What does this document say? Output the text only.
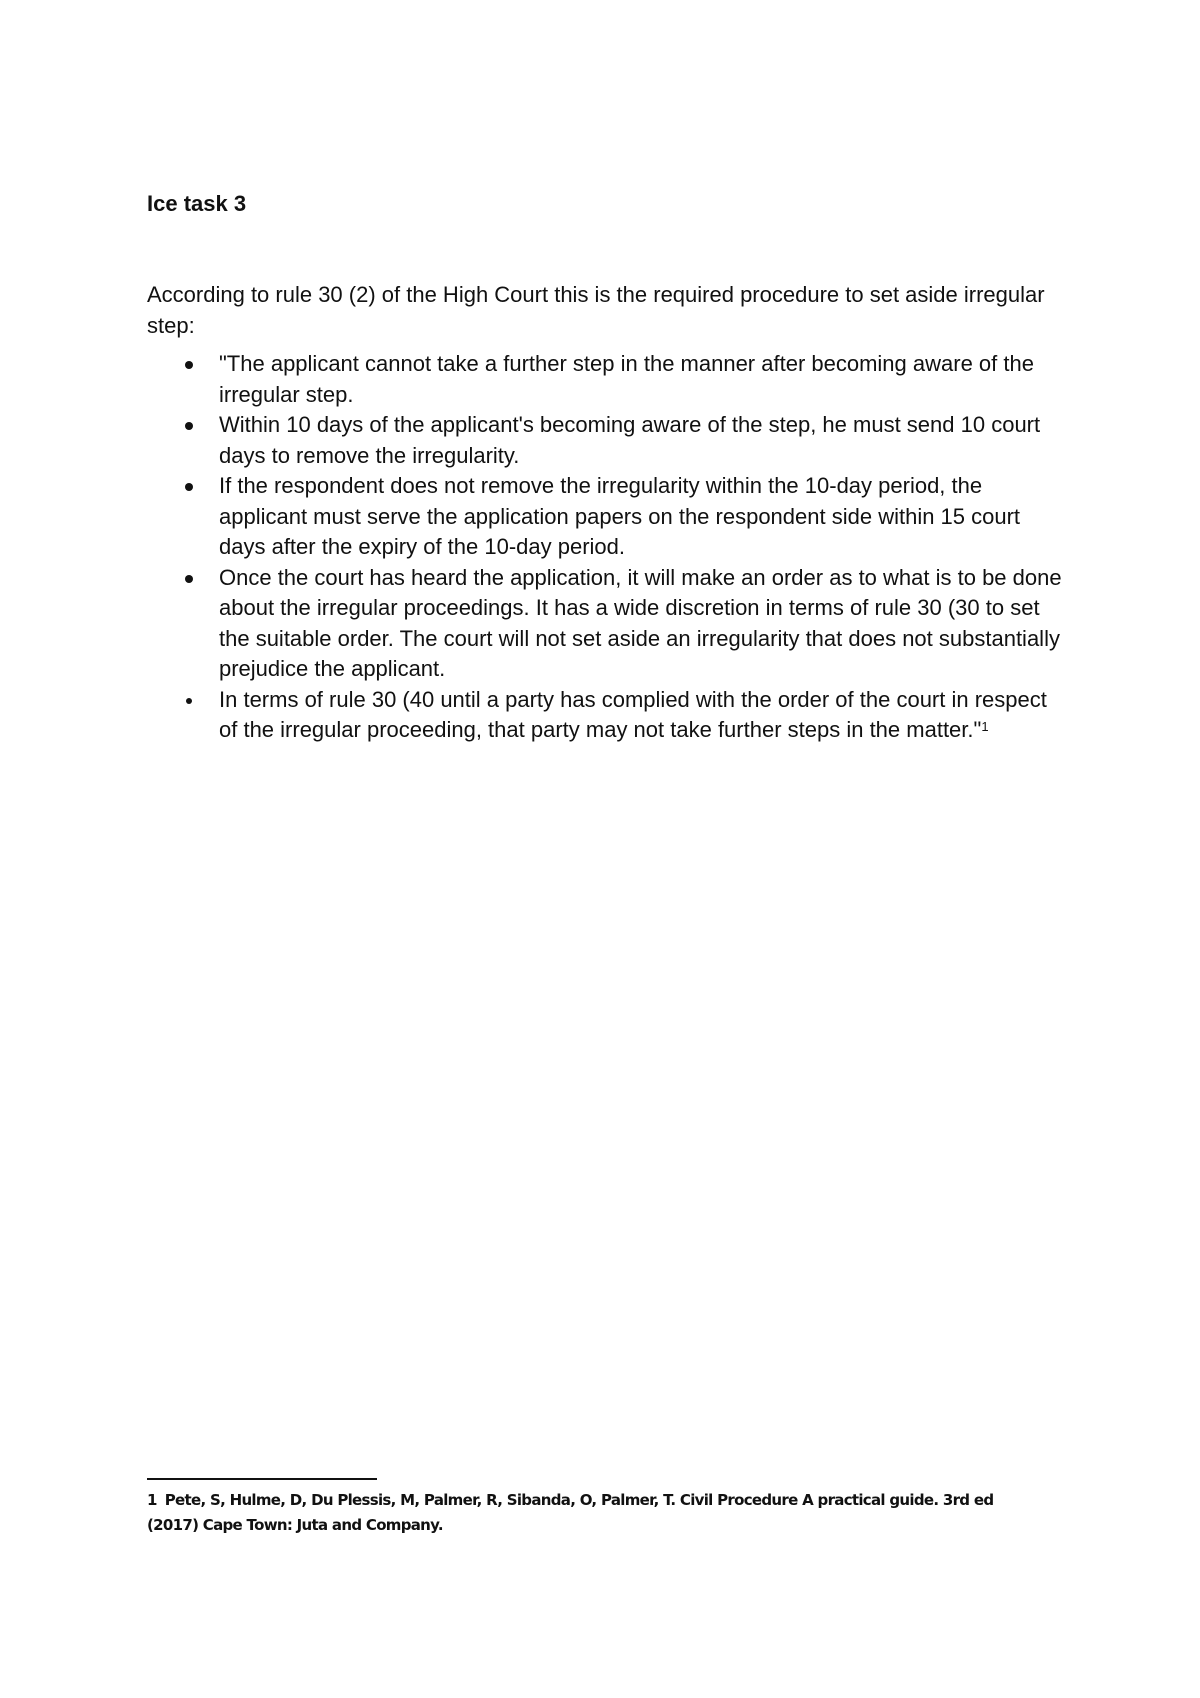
Ice task 3
According to rule 30 (2) of the High Court this is the required procedure to set aside irregular step:
"The applicant cannot take a further step in the manner after becoming aware of the irregular step.
Within 10 days of the applicant's becoming aware of the step, he must send 10 court days to remove the irregularity.
If the respondent does not remove the irregularity within the 10-day period, the applicant must serve the application papers on the respondent side within 15 court days after the expiry of the 10-day period.
Once the court has heard the application, it will make an order as to what is to be done about the irregular proceedings. It has a wide discretion in terms of rule 30 (30 to set the suitable order. The court will not set aside an irregularity that does not substantially prejudice the applicant.
In terms of rule 30 (40 until a party has complied with the order of the court in respect of the irregular proceeding, that party may not take further steps in the matter."$^1$
1 Pete, S, Hulme, D, Du Plessis, M, Palmer, R, Sibanda, O, Palmer, T. Civil Procedure A practical guide. 3rd ed (2017) Cape Town: Juta and Company.
